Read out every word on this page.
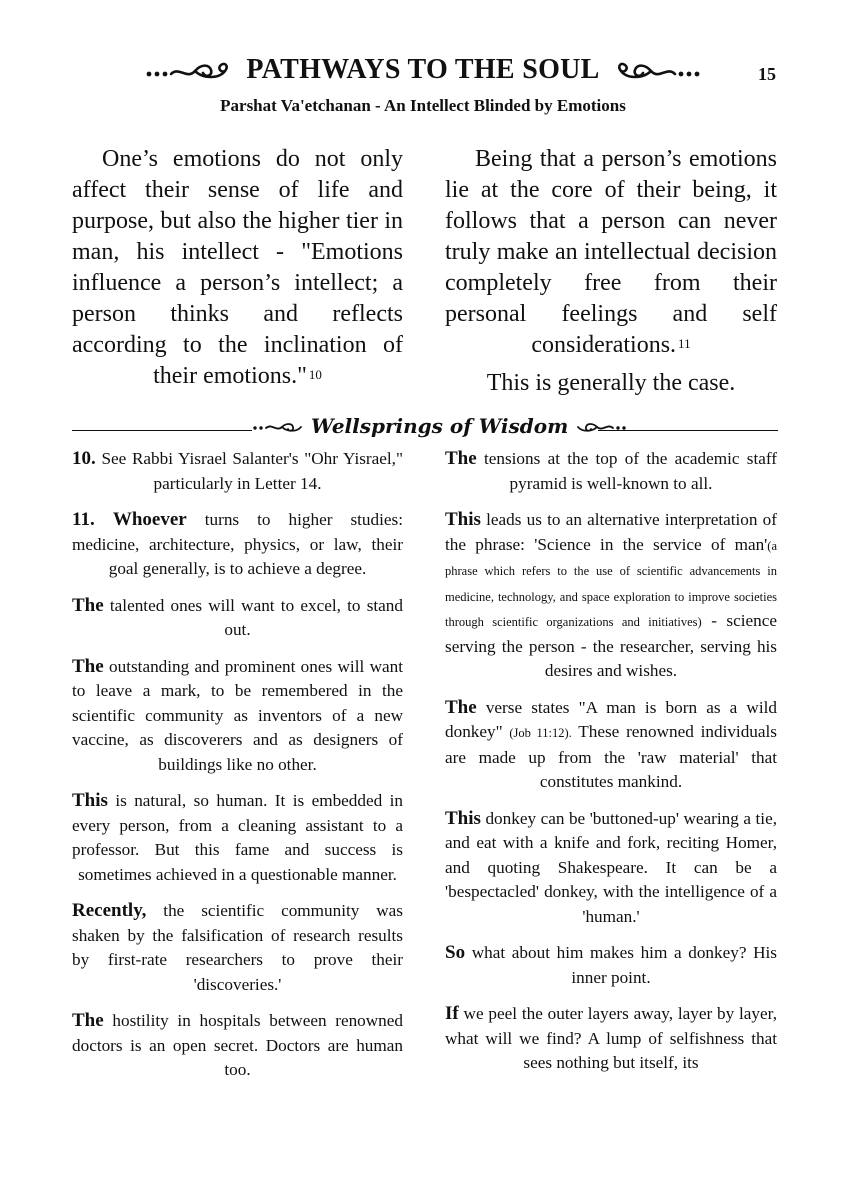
PATHWAYS TO THE SOUL	15
Parshat Va'etchanan - An Intellect Blinded by Emotions

One’s emotions do not only affect their sense of life and purpose, but also the higher tier in man, his intellect - "Emotions influence a person’s intellect; a person thinks and reflects according to the inclination of their emotions." $^{10}$

Being that a person’s emotions lie at the core of their being, it follows that a person can never truly make an intellectual decision completely free from their personal feelings and self considerations. $^{11}$

This is generally the case.

Wellsprings of Wisdom

10. See Rabbi Yisrael Salanter's "Ohr Yisrael," particularly in Letter 14.

11. Whoever turns to higher studies: medicine, architecture, physics, or law, their goal generally, is to achieve a degree.

The talented ones will want to excel, to stand out.

The outstanding and prominent ones will want to leave a mark, to be remembered in the scientific community as inventors of a new vaccine, as discoverers and as designers of buildings like no other.

This is natural, so human. It is embedded in every person, from a cleaning assistant to a professor. But this fame and success is sometimes achieved in a questionable manner.

Recently, the scientific community was shaken by the falsification of research results by first-rate researchers to prove their 'discoveries.'

The hostility in hospitals between renowned doctors is an open secret. Doctors are human too.

The tensions at the top of the academic staff pyramid is well-known to all.

This leads us to an alternative interpretation of the phrase: 'Science in the service of man'(a phrase which refers to the use of scientific advancements in medicine, technology, and space exploration to improve societies through scientific organizations and initiatives) - science serving the person - the researcher, serving his desires and wishes.

The verse states "A man is born as a wild donkey" (Job 11:12). These renowned individuals are made up from the 'raw material' that constitutes mankind.

This donkey can be 'buttoned-up' wearing a tie, and eat with a knife and fork, reciting Homer, and quoting Shakespeare. It can be a 'bespectacled' donkey, with the intelligence of a 'human.'

So what about him makes him a donkey? His inner point.

If we peel the outer layers away, layer by layer, what will we find? A lump of selfishness that sees nothing but itself, its
